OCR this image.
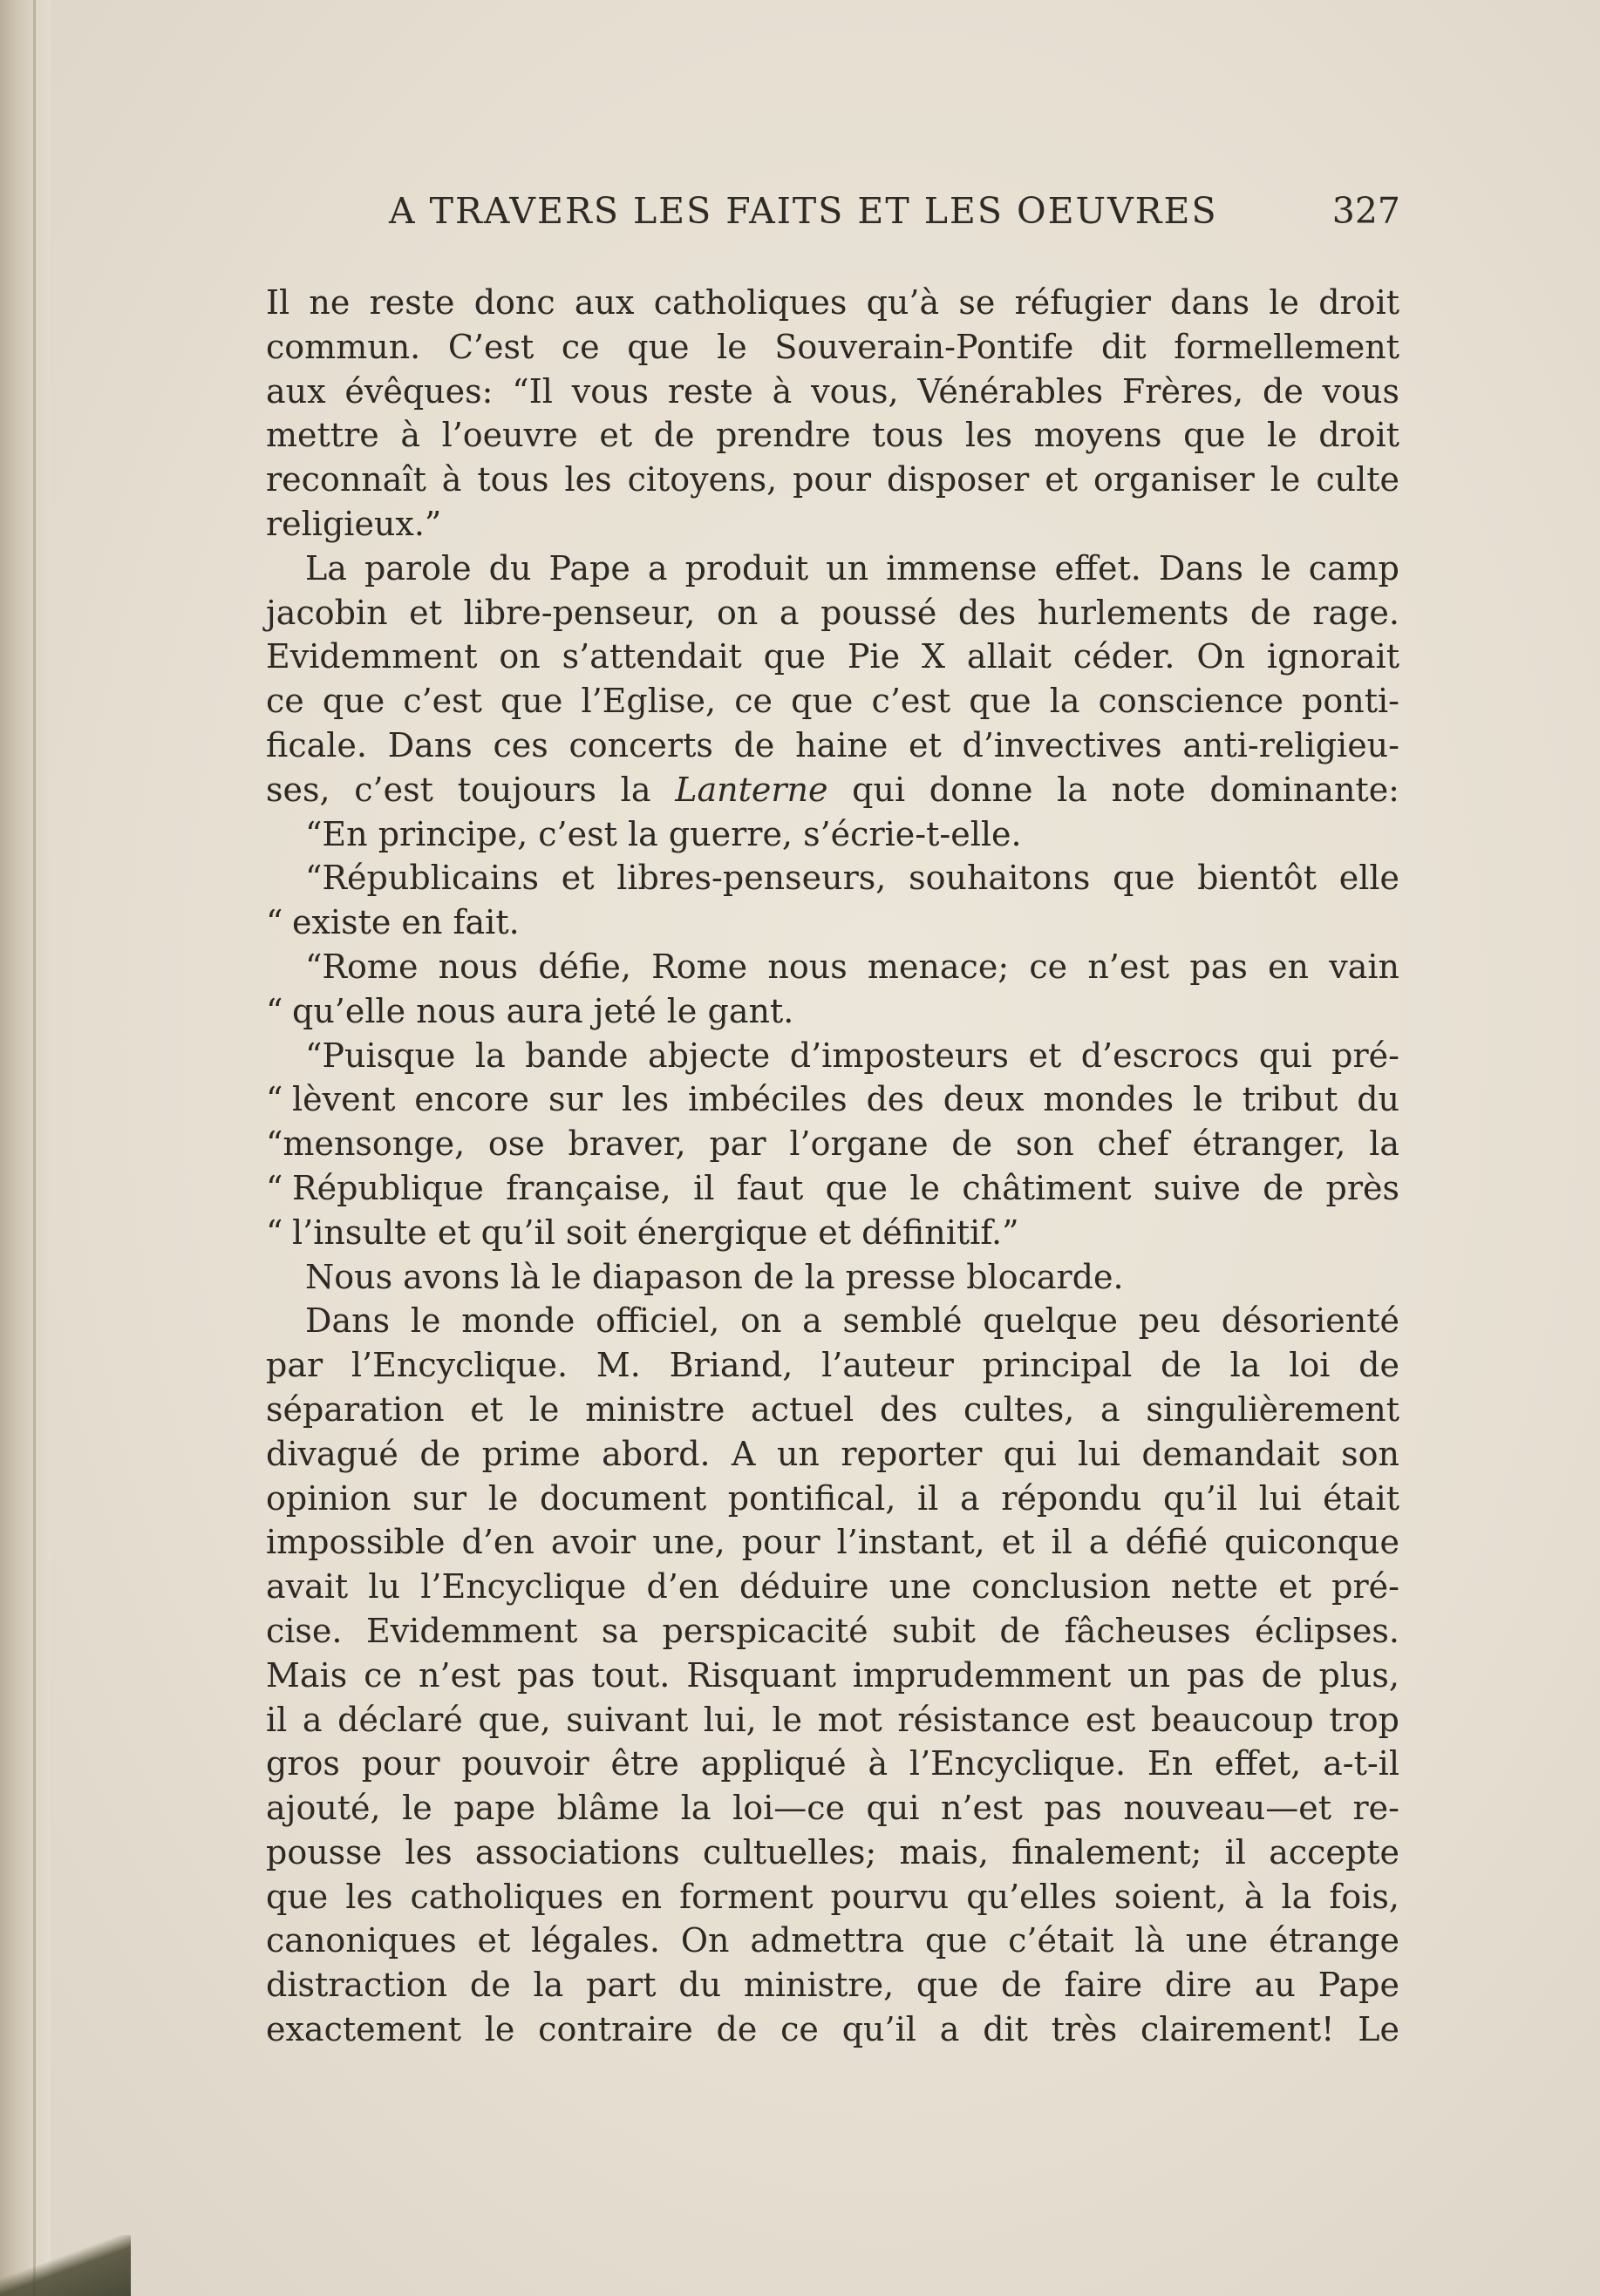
A TRAVERS LES FAITS ET LES OEUVRES	327
Il ne reste donc aux catholiques qu’à se réfugier dans le droit
commun. C’est ce que le Souverain-Pontife dit formellement
aux évêques: “Il vous reste à vous, Vénérables Frères, de vous
mettre à l’oeuvre et de prendre tous les moyens que le droit
reconnaît à tous les citoyens, pour disposer et organiser le culte
religieux.”
La parole du Pape a produit un immense effet. Dans le camp
jacobin et libre-penseur, on a poussé des hurlements de rage.
Evidemment on s’attendait que Pie X allait céder. On ignorait
ce que c’est que l’Eglise, ce que c’est que la conscience ponti-
ficale. Dans ces concerts de haine et d’invectives anti-religieu-
ses, c’est toujours la Lanterne qui donne la note dominante:
“En principe, c’est la guerre, s’écrie-t-elle.
“Républicains et libres-penseurs, souhaitons que bientôt elle
“ existe en fait.
“Rome nous défie, Rome nous menace; ce n’est pas en vain
“ qu’elle nous aura jeté le gant.
“Puisque la bande abjecte d’imposteurs et d’escrocs qui pré-
“ lèvent encore sur les imbéciles des deux mondes le tribut du
“mensonge, ose braver, par l’organe de son chef étranger, la
“ République française, il faut que le châtiment suive de près
“ l’insulte et qu’il soit énergique et définitif.”
Nous avons là le diapason de la presse blocarde.
Dans le monde officiel, on a semblé quelque peu désorienté
par l’Encyclique. M. Briand, l’auteur principal de la loi de
séparation et le ministre actuel des cultes, a singulièrement
divagué de prime abord. A un reporter qui lui demandait son
opinion sur le document pontifical, il a répondu qu’il lui était
impossible d’en avoir une, pour l’instant, et il a défié quiconque
avait lu l’Encyclique d’en déduire une conclusion nette et pré-
cise. Evidemment sa perspicacité subit de fâcheuses éclipses.
Mais ce n’est pas tout. Risquant imprudemment un pas de plus,
il a déclaré que, suivant lui, le mot résistance est beaucoup trop
gros pour pouvoir être appliqué à l’Encyclique. En effet, a-t-il
ajouté, le pape blâme la loi—ce qui n’est pas nouveau—et re-
pousse les associations cultuelles; mais, finalement; il accepte
que les catholiques en forment pourvu qu’elles soient, à la fois,
canoniques et légales. On admettra que c’était là une étrange
distraction de la part du ministre, que de faire dire au Pape
exactement le contraire de ce qu’il a dit très clairement! Le
